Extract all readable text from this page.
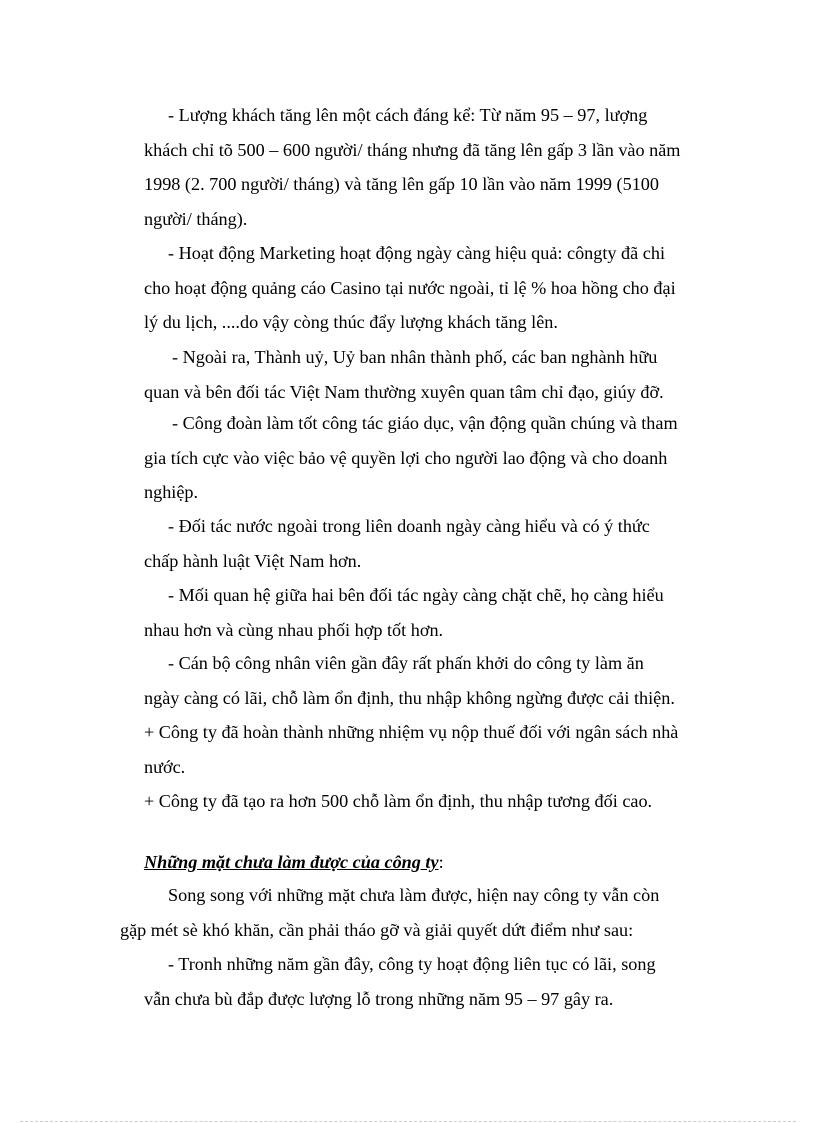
- Lượng khách tăng lên một cách đáng kể: Từ năm 95 – 97, lượng
khách chỉ tõ 500 – 600 người/ tháng nhưng đã tăng lên gấp 3 lần vào năm
1998 (2. 700 người/ tháng) và tăng lên gấp 10 lần vào năm 1999 (5100
người/ tháng).

- Hoạt động Marketing hoạt động ngày càng hiệu quả: côngty đã chi
cho hoạt động quảng cáo Casino tại nước ngoài, tỉ lệ % hoa hồng cho đại
lý du lịch, ....do vậy còng thúc đẩy lượng khách tăng lên.

- Ngoài ra, Thành uỷ, Uỷ ban nhân thành phố, các ban nghành hữu
quan và bên đối tác Việt Nam thường xuyên quan tâm chỉ đạo, giúy đỡ.

- Công đoàn làm tốt công tác giáo dục, vận động quần chúng và tham
gia tích cực vào việc bảo vệ quyền lợi cho người lao động và cho doanh
nghiệp.

- Đối tác nước ngoài trong liên doanh ngày càng hiểu và có ý thức
chấp hành luật Việt Nam hơn.

- Mối quan hệ giữa hai bên đối tác ngày càng chặt chẽ, họ càng hiểu
nhau hơn và cùng nhau phối hợp tốt hơn.

- Cán bộ công nhân viên gần đây rất phấn khởi do công ty làm ăn
ngày càng có lãi, chỗ làm ổn định, thu nhập không ngừng được cải thiện.
+ Công ty đã hoàn thành những nhiệm vụ nộp thuế đối với ngân sách nhà
nước.
+ Công ty đã tạo ra hơn 500 chỗ làm ổn định, thu nhập tương đối cao.

Những mặt chưa làm được của công ty:

Song song với những mặt chưa làm được, hiện nay công ty vẫn còn
gặp mét sè khó khăn, cần phải tháo gỡ và giải quyết dứt điểm như sau:

- Tronh những năm gần đây, công ty hoạt động liên tục có lãi, song
vẫn chưa bù đắp được lượng lỗ trong những năm 95 – 97 gây ra.
